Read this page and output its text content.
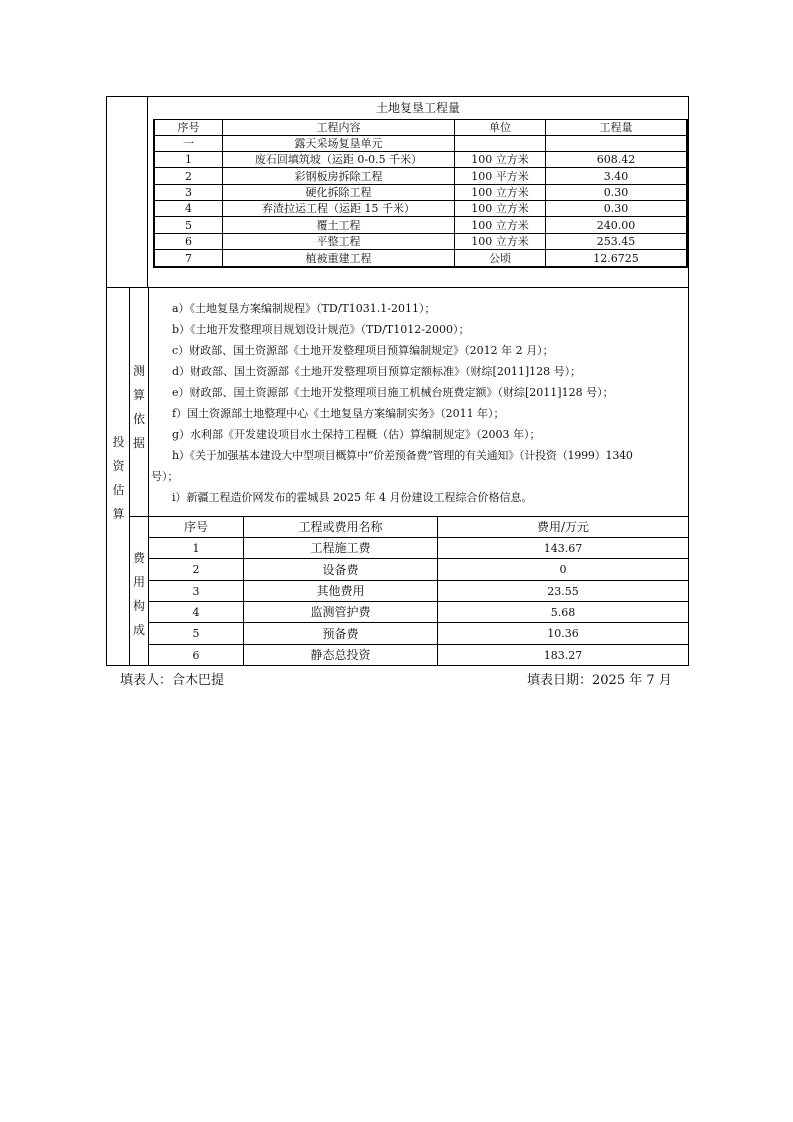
土地复垦工程量
序号	工程内容	单位	工程量
一	露天采场复垦单元
1	废石回填筑坡（运距 0-0.5 千米）	100 立方米	608.42
2	彩钢板房拆除工程	100 平方米	3.40
3	硬化拆除工程	100 立方米	0.30
4	弃渣拉运工程（运距 15 千米）	100 立方米	0.30
5	覆土工程	100 立方米	240.00
6	平整工程	100 立方米	253.45
7	植被重建工程	公顷	12.6725
投
资
估
算
测
算
依
据
a）《土地复垦方案编制规程》（TD/T1031.1-2011）；
b）《土地开发整理项目规划设计规范》（TD/T1012-2000）；
c）财政部、国土资源部《土地开发整理项目预算编制规定》（2012 年 2 月）；
d）财政部、国土资源部《土地开发整理项目预算定额标准》（财综[2011]128 号）；
e）财政部、国土资源部《土地开发整理项目施工机械台班费定额》（财综[2011]128 号）；
f）国土资源部土地整理中心《土地复垦方案编制实务》（2011 年）；
g）水利部《开发建设项目水土保持工程概（估）算编制规定》（2003 年）；
h）《关于加强基本建设大中型项目概算中“价差预备费”管理的有关通知》（计投资（1999）1340
号）；
i）新疆工程造价网发布的霍城县 2025 年 4 月份建设工程综合价格信息。
费
用
构
成
序号	工程或费用名称	费用/万元
1	工程施工费	143.67
2	设备费	0
3	其他费用	23.55
4	监测管护费	5.68
5	预备费	10.36
6	静态总投资	183.27
填表人：合木巴提	填表日期：2025 年 7 月
